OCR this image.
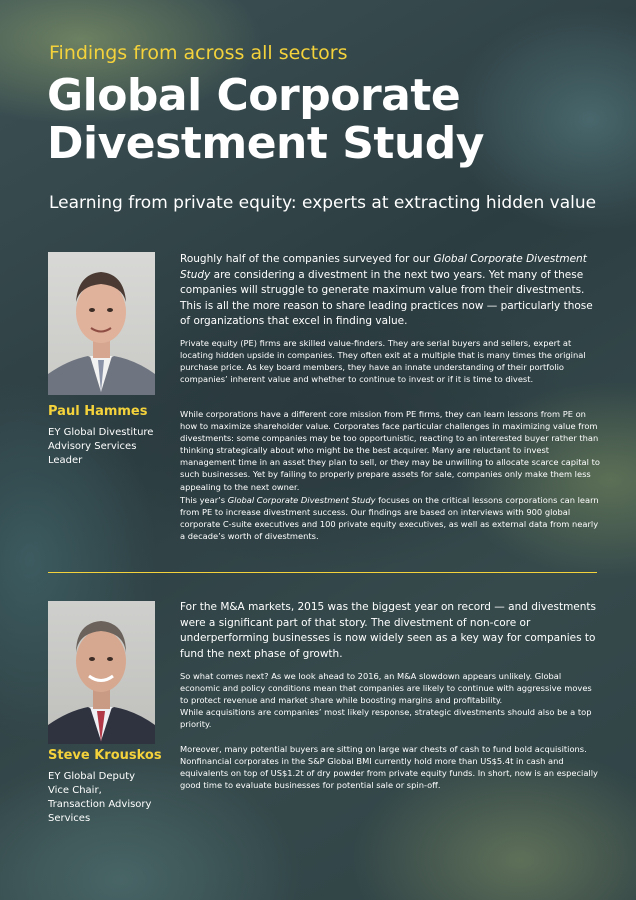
Findings from across all sectors
Global Corporate
Divestment Study
Learning from private equity: experts at extracting hidden value
Paul Hammes
EY Global Divestiture
Advisory Services
Leader

Roughly half of the companies surveyed for our Global Corporate Divestment Study are considering a divestment in the next two years. Yet many of these companies will struggle to generate maximum value from their divestments. This is all the more reason to share leading practices now — particularly those of organizations that excel in finding value.

Private equity (PE) firms are skilled value-finders. They are serial buyers and sellers, expert at locating hidden upside in companies. They often exit at a multiple that is many times the original purchase price. As key board members, they have an innate understanding of their portfolio companies’ inherent value and whether to continue to invest or if it is time to divest.

While corporations have a different core mission from PE firms, they can learn lessons from PE on how to maximize shareholder value. Corporates face particular challenges in maximizing value from divestments: some companies may be too opportunistic, reacting to an interested buyer rather than thinking strategically about who might be the best acquirer. Many are reluctant to invest management time in an asset they plan to sell, or they may be unwilling to allocate scarce capital to such businesses. Yet by failing to properly prepare assets for sale, companies only make them less appealing to the next owner.

This year’s Global Corporate Divestment Study focuses on the critical lessons corporations can learn from PE to increase divestment success. Our findings are based on interviews with 900 global corporate C-suite executives and 100 private equity executives, as well as external data from nearly a decade’s worth of divestments.

Steve Krouskos
EY Global Deputy
Vice Chair,
Transaction Advisory
Services

For the M&A markets, 2015 was the biggest year on record — and divestments were a significant part of that story. The divestment of non-core or underperforming businesses is now widely seen as a key way for companies to fund the next phase of growth.

So what comes next? As we look ahead to 2016, an M&A slowdown appears unlikely. Global economic and policy conditions mean that companies are likely to continue with aggressive moves to protect revenue and market share while boosting margins and profitability.
While acquisitions are companies’ most likely response, strategic divestments should also be a top priority.

Moreover, many potential buyers are sitting on large war chests of cash to fund bold acquisitions. Nonfinancial corporates in the S&P Global BMI currently hold more than US$5.4t in cash and equivalents on top of US$1.2t of dry powder from private equity funds. In short, now is an especially good time to evaluate businesses for potential sale or spin-off.
